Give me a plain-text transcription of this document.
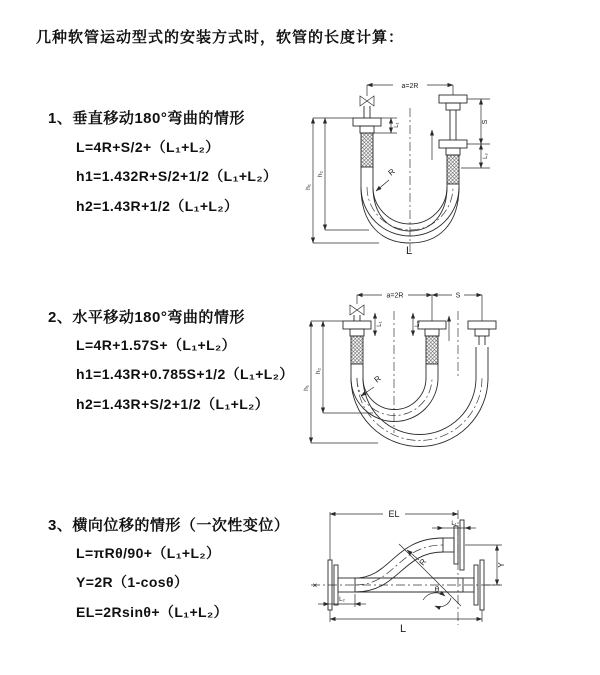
几种软管运动型式的安装方式时，软管的长度计算：
1、垂直移动180°弯曲的情形
L=4R+S/2+（L₁+L₂）
h1=1.432R+S/2+1/2（L₁+L₂）
h2=1.43R+1/2（L₁+L₂）
2、水平移动180°弯曲的情形
L=4R+1.57S+（L₁+L₂）
h1=1.43R+0.785S+1/2（L₁+L₂）
h2=1.43R+S/2+1/2（L₁+L₂）
3、横向位移的情形（一次性变位）
L=πRθ/90+（L₁+L₂）
Y=2R（1-cosθ）
EL=2Rsinθ+（L₁+L₂）
a=2R
R
h₁
h₂
L₁
S
L₂
L
a=2R	S
L₁	L₂
R
h₁
h₂
EL
L₁
Y
L
L₂
×
R
θ
